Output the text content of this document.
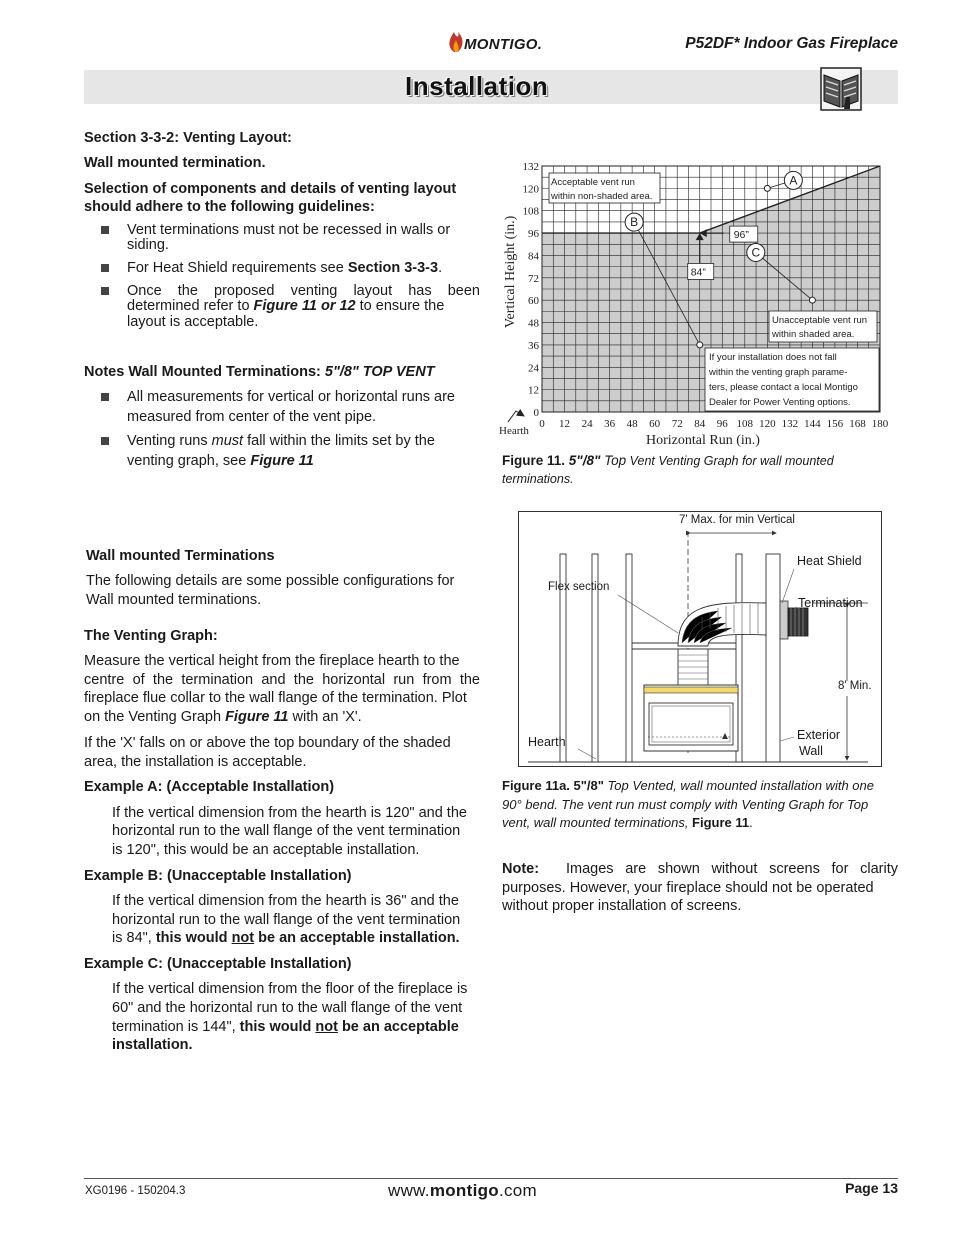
MONTIGO.	P52DF* Indoor Gas Fireplace
Installation
Section 3-3-2: Venting Layout:
Wall mounted termination.
Selection of components and details of venting layout
should adhere to the following guidelines:
Vent terminations must not be recessed in walls or
siding.
For Heat Shield requirements see Section 3-3-3.
Once the proposed venting layout has been
determined refer to Figure 11 or 12 to ensure the
layout is acceptable.
Notes Wall Mounted Terminations: 5"/8" TOP VENT
All measurements for vertical or horizontal runs are
measured from center of the vent pipe.
Venting runs must fall within the limits set by the
venting graph, see Figure 11
Wall mounted Terminations
The following details are some possible configurations for
Wall mounted terminations.
The Venting Graph:
Measure the vertical height from the fireplace hearth to the
centre of the termination and the horizontal run from the
fireplace flue collar to the wall flange of the termination. Plot
on the Venting Graph Figure 11 with an 'X'.
If the 'X' falls on or above the top boundary of the shaded
area, the installation is acceptable.
Example A: (Acceptable Installation)
If the vertical dimension from the hearth is 120" and the
horizontal run to the wall flange of the vent termination
is 120", this would be an acceptable installation.
Example B: (Unacceptable Installation)
If the vertical dimension from the hearth is 36" and the
horizontal run to the wall flange of the vent termination
is 84", this would not be an acceptable installation.
Example C: (Unacceptable Installation)
If the vertical dimension from the floor of the fireplace is
60" and the horizontal run to the wall flange of the vent
termination is 144", this would not be an acceptable
installation.
0 12 24 36 48 60 72 84 96 108 120 132 144 156 168 180
0
12
24
36
48
60
72
84
96
108
120
132
96”
84”
A
B
C
Vertical Height (in.)
Horizontal Run (in.)
Hearth
Acceptable vent run
within non-shaded area.
Unacceptable vent run
within shaded area.
If your installation does not fall
within the venting graph parame-
ters, please contact a local Montigo
Dealer for Power Venting options.
Figure 11. 5"/8" Top Vent Venting Graph for wall mounted
terminations.
7' Max. for min Vertical
Heat Shield
Flex section
Termination
8' Min.
Exterior
Wall
Hearth
Figure 11a. 5"/8" Top Vented, wall mounted installation with one
90° bend. The vent run must comply with Venting Graph for Top
vent, wall mounted terminations, Figure 11.
Note: Images are shown without screens for clarity
purposes. However, your fireplace should not be operated
without proper installation of screens.
XG0196 - 150204.3	www.montigo.com	Page 13
